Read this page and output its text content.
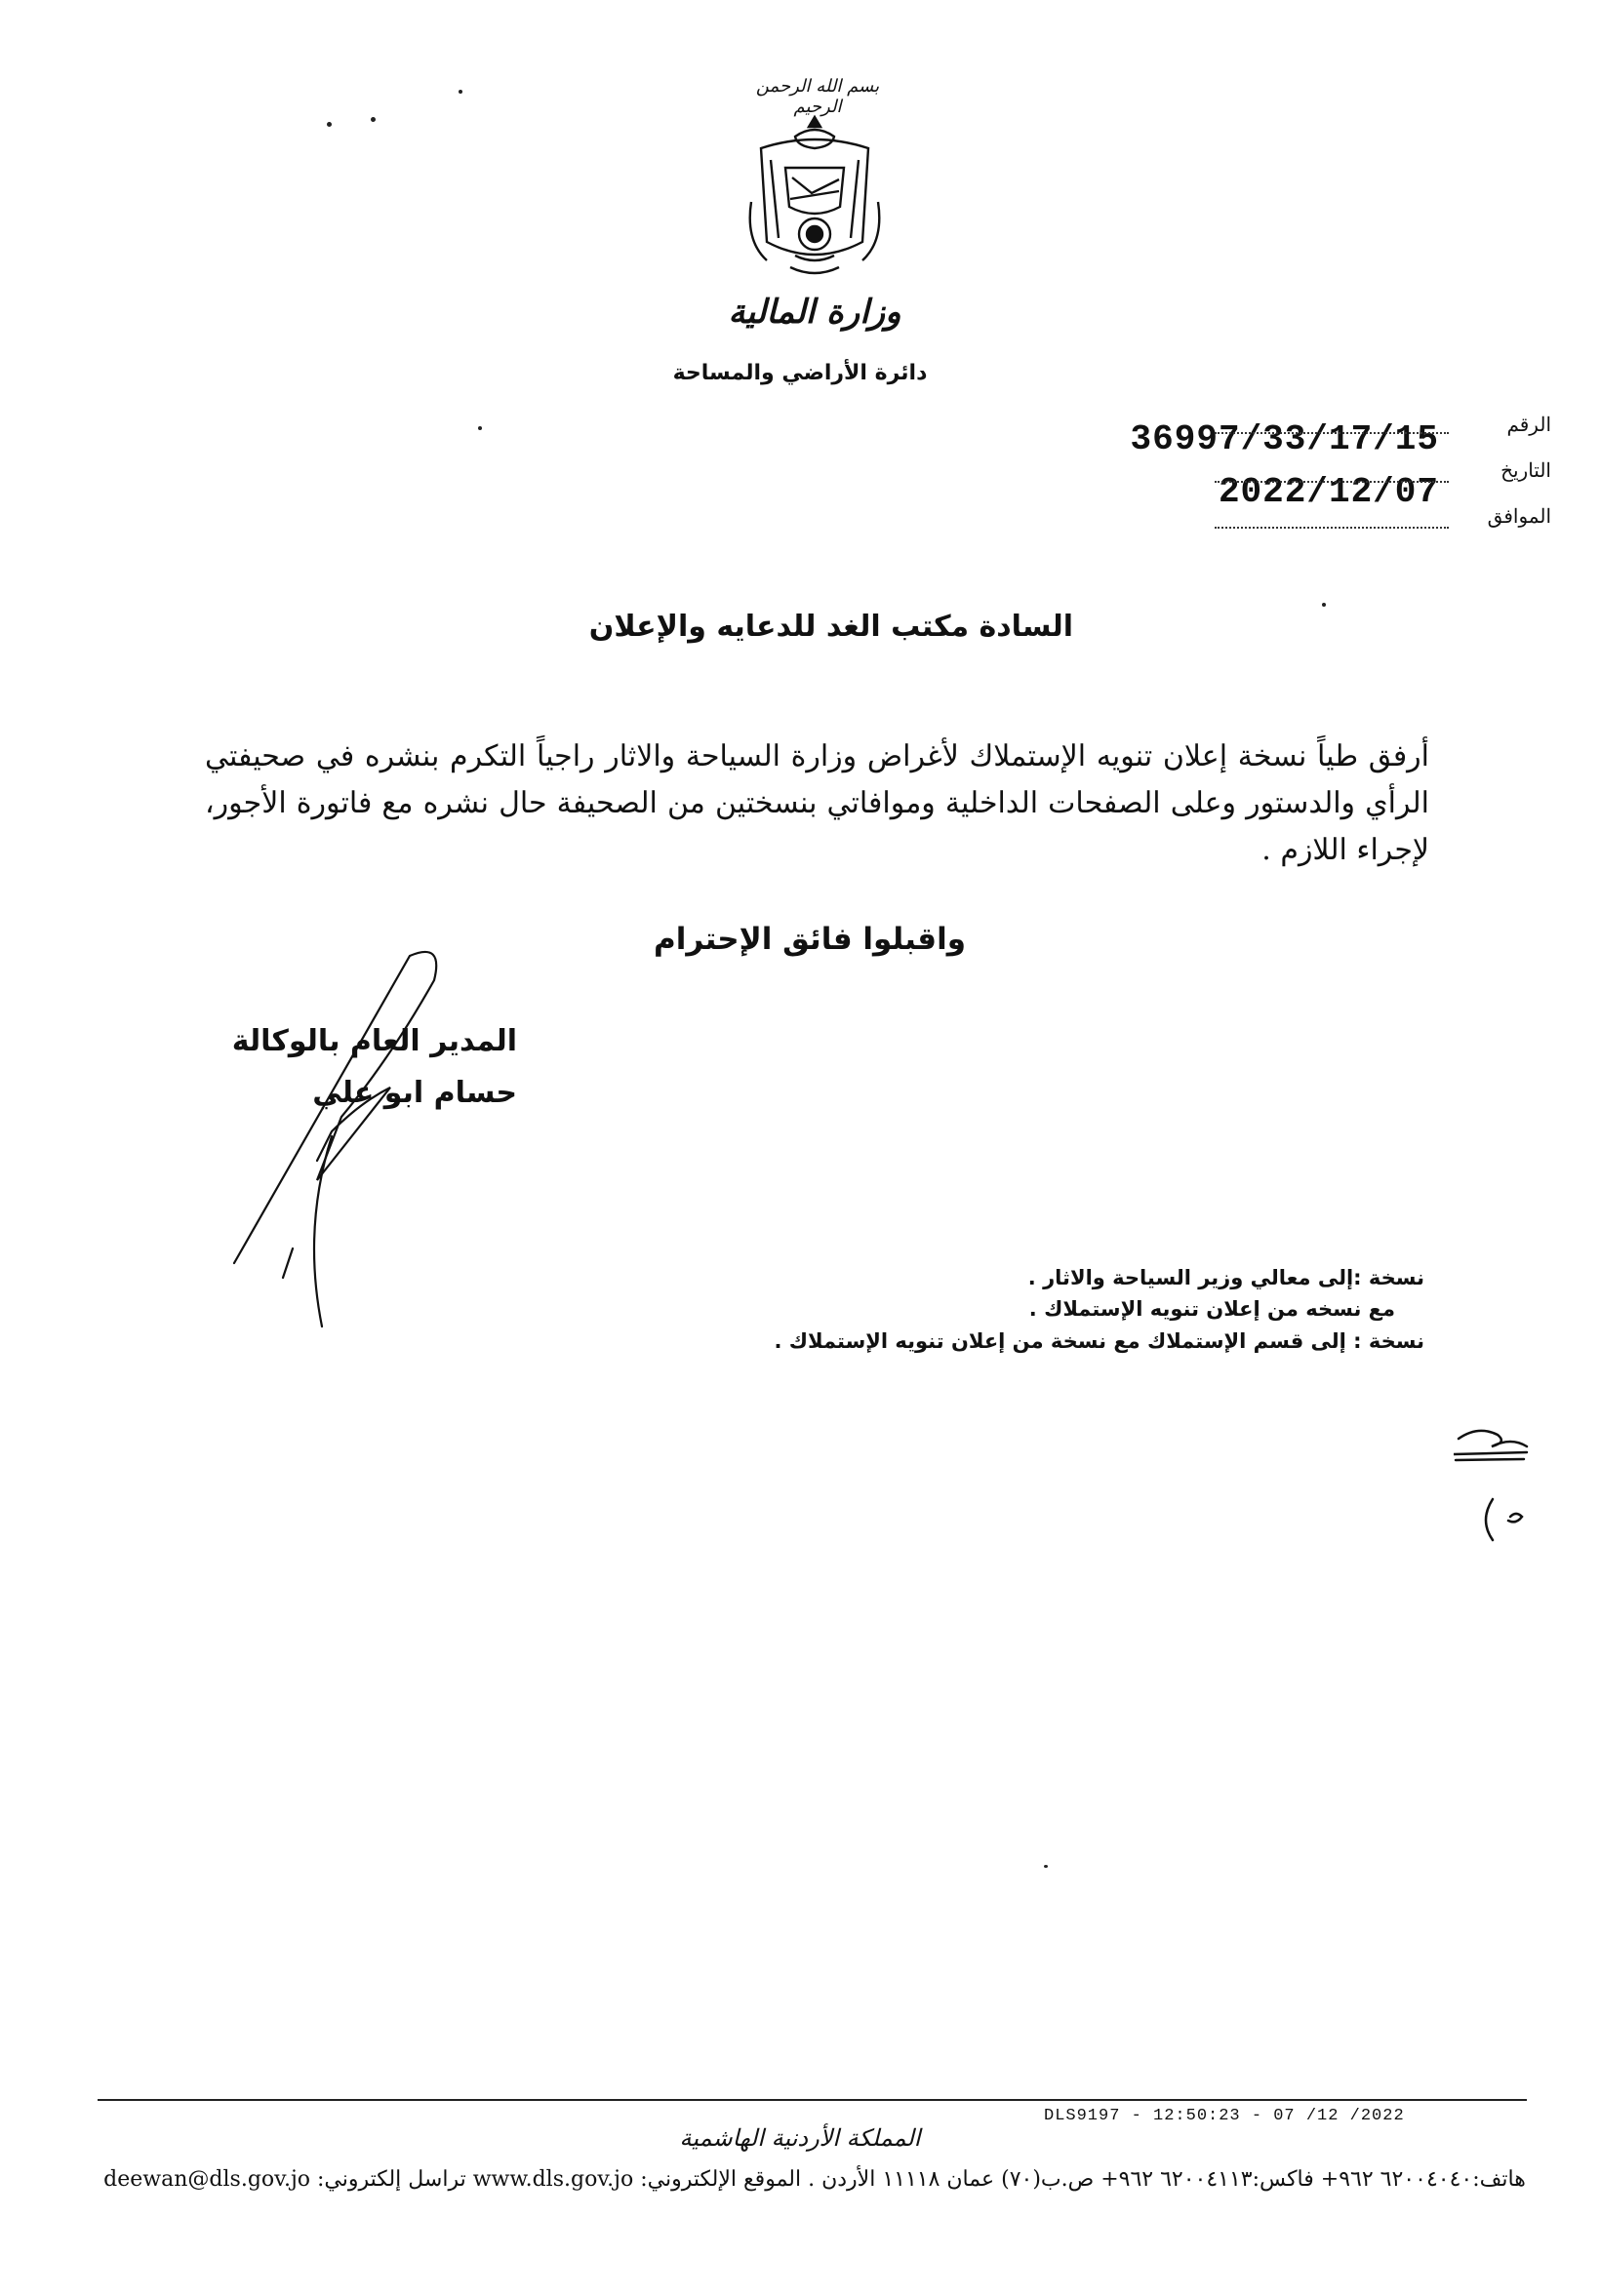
بسم الله الرحمن الرحيم
وزارة المالية
دائرة الأراضي والمساحة
الرقم
36997/33/17/15
التاريخ
2022/12/07
الموافق
السادة مكتب الغد للدعايه والإعلان
أرفق طياً نسخة إعلان تنويه الإستملاك لأغراض وزارة السياحة والاثار راجياً التكرم بنشره في صحيفتي الرأي والدستور وعلى الصفحات الداخلية وموافاتي بنسختين من الصحيفة حال نشره مع فاتورة الأجور، لإجراء اللازم .
واقبلوا فائق الإحترام
المدير العام بالوكالة
حسام ابو علي
نسخة :إلى معالي وزير السياحة والاثار .
مع نسخه من إعلان تنويه الإستملاك .
نسخة : إلى قسم الإستملاك مع نسخة من إعلان تنويه الإستملاك .
DLS9197 - 12:50:23 - 07 /12 /2022
المملكة الأردنية الهاشمية
هاتف:٦٢٠٠٤٠٤٠ ٩٦٢+ فاكس:٦٢٠٠٤١١٣ ٩٦٢+ ص.ب(٧٠) عمان ١١١١٨ الأردن . الموقع الإلكتروني: www.dls.gov.jo تراسل إلكتروني: deewan@dls.gov.jo
